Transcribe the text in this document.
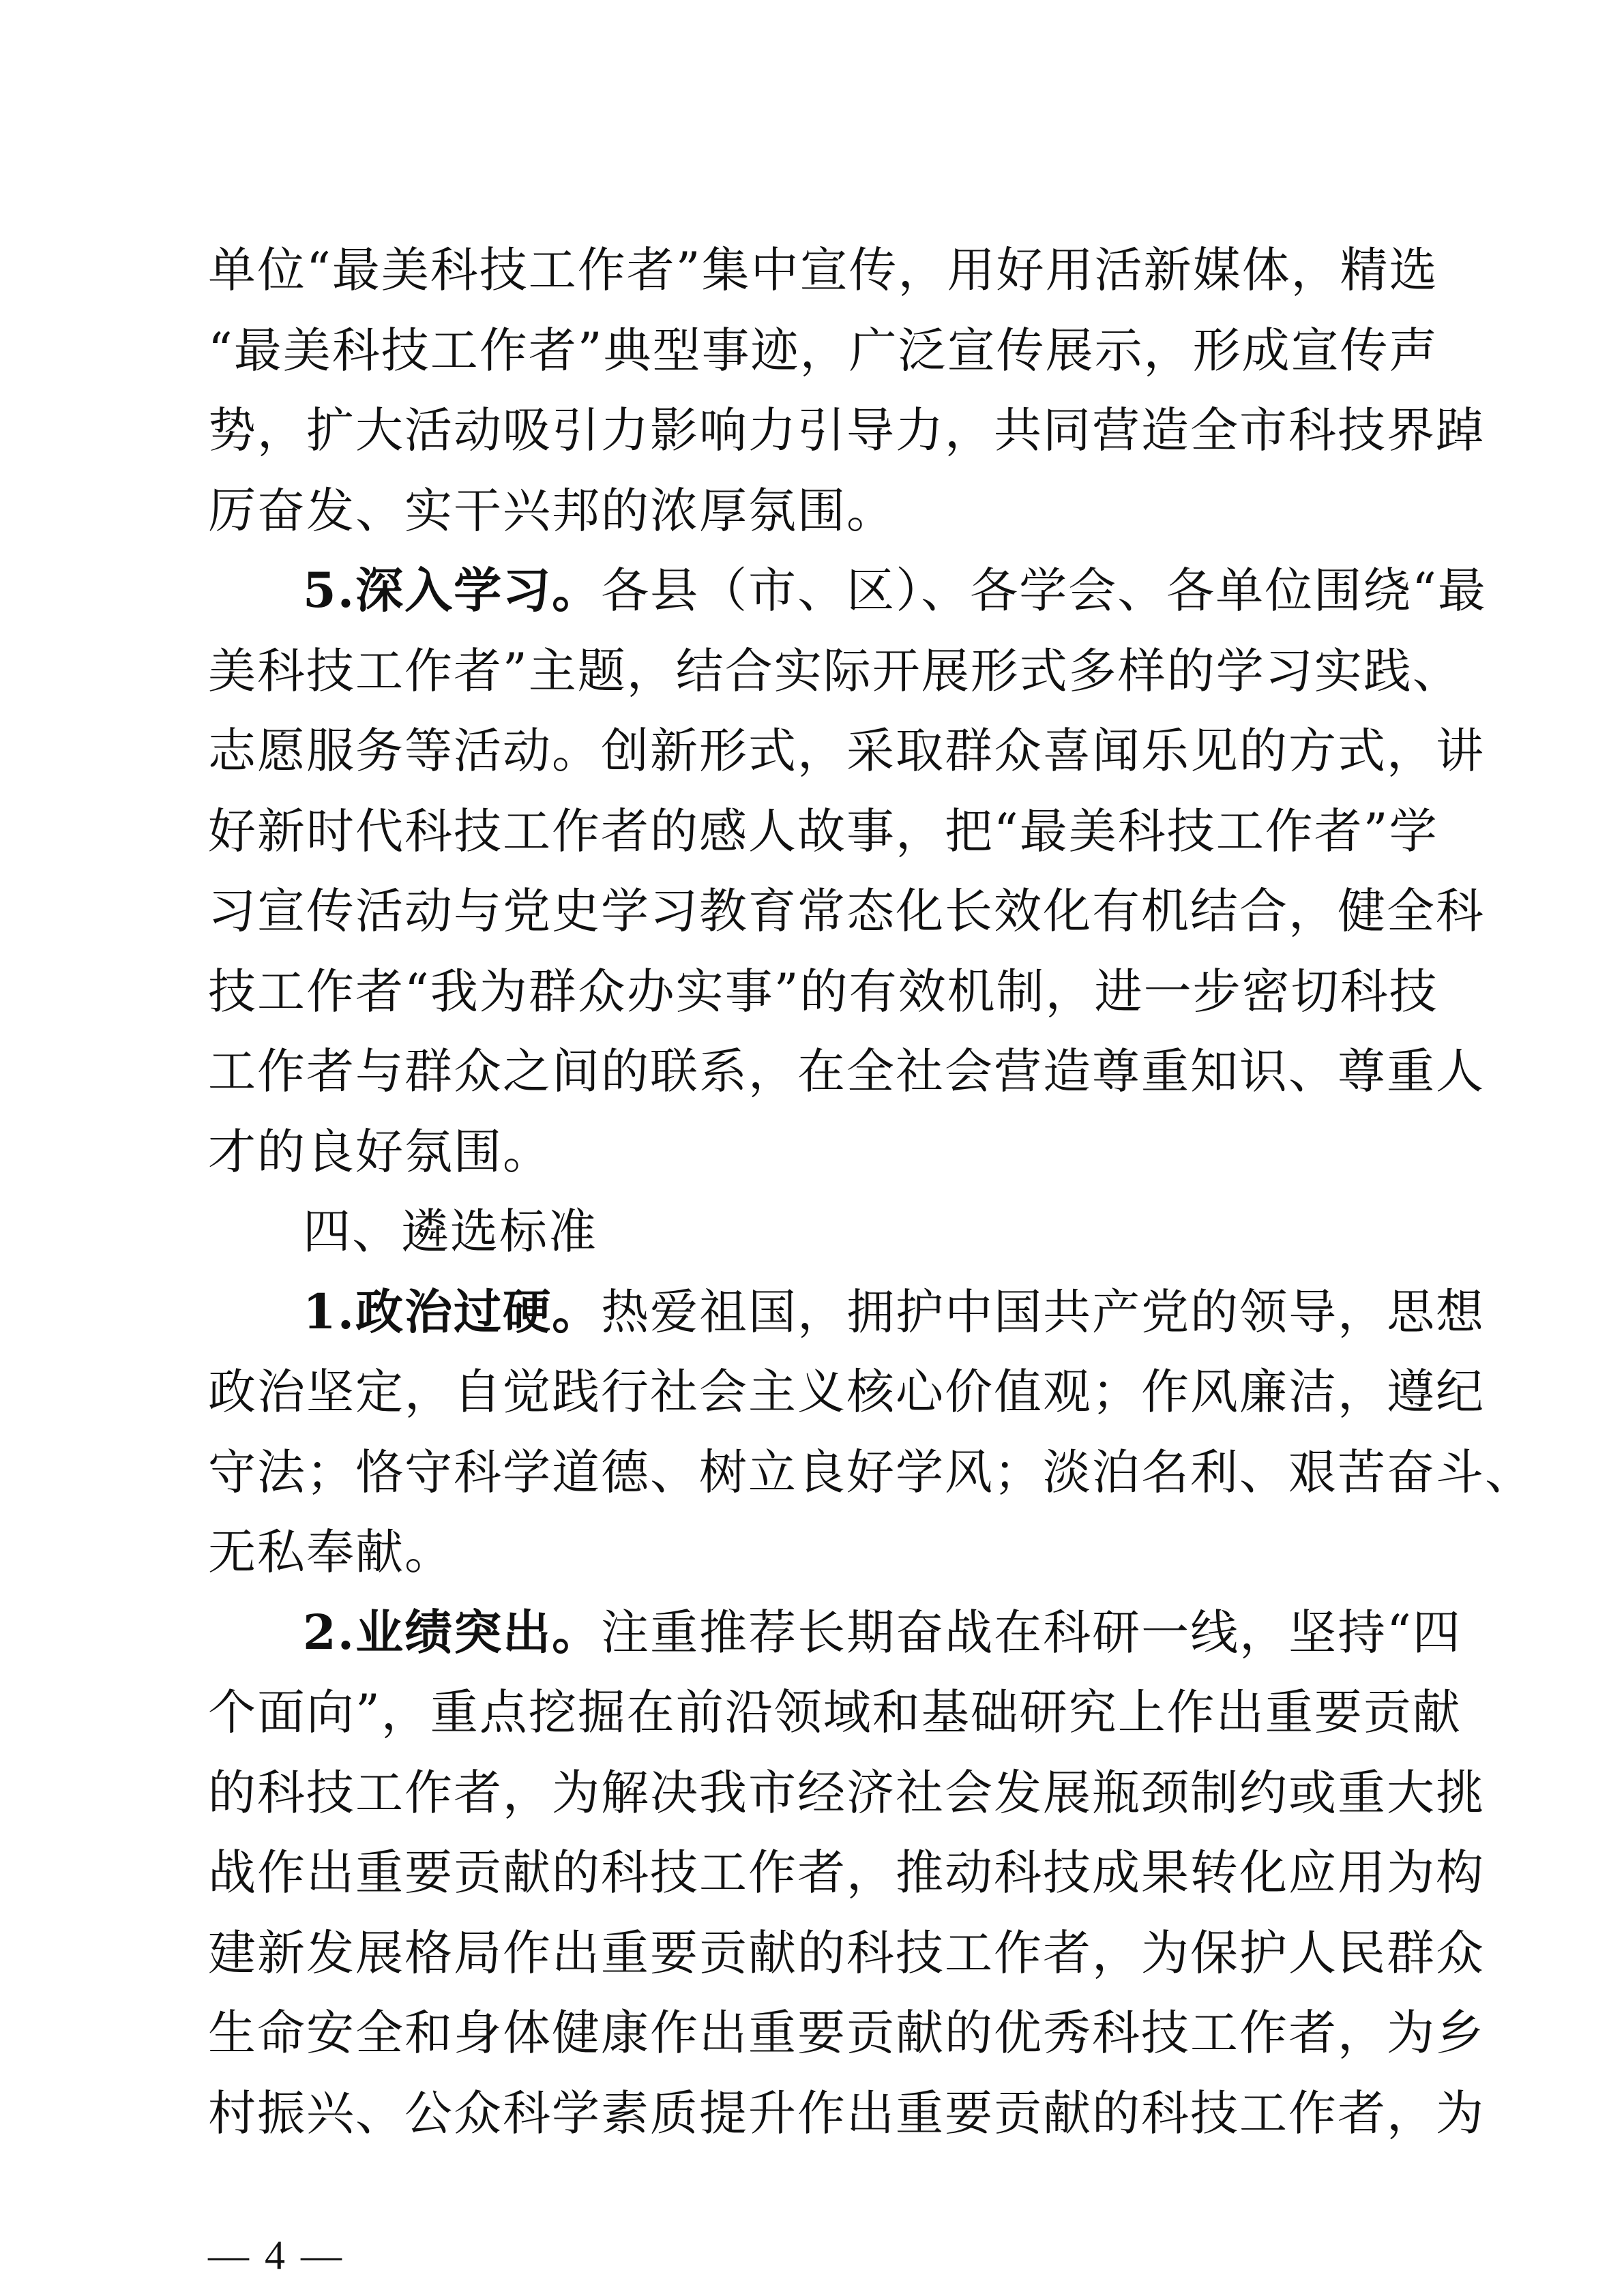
单位“最美科技工作者”集中宣传，用好用活新媒体，精选
“最美科技工作者”典型事迹，广泛宣传展示，形成宣传声
势，扩大活动吸引力影响力引导力，共同营造全市科技界踔
厉奋发、实干兴邦的浓厚氛围。
5.深入学习。各县（市、区）、各学会、各单位围绕“最
美科技工作者”主题，结合实际开展形式多样的学习实践、
志愿服务等活动。创新形式，采取群众喜闻乐见的方式，讲
好新时代科技工作者的感人故事，把“最美科技工作者”学
习宣传活动与党史学习教育常态化长效化有机结合，健全科
技工作者“我为群众办实事”的有效机制，进一步密切科技
工作者与群众之间的联系，在全社会营造尊重知识、尊重人
才的良好氛围。
四、遴选标准
1.政治过硬。热爱祖国，拥护中国共产党的领导，思想
政治坚定，自觉践行社会主义核心价值观；作风廉洁，遵纪
守法；恪守科学道德、树立良好学风；淡泊名利、艰苦奋斗、
无私奉献。
2.业绩突出。注重推荐长期奋战在科研一线，坚持“四
个面向”，重点挖掘在前沿领域和基础研究上作出重要贡献
的科技工作者，为解决我市经济社会发展瓶颈制约或重大挑
战作出重要贡献的科技工作者，推动科技成果转化应用为构
建新发展格局作出重要贡献的科技工作者，为保护人民群众
生命安全和身体健康作出重要贡献的优秀科技工作者，为乡
村振兴、公众科学素质提升作出重要贡献的科技工作者，为
— 4 —
